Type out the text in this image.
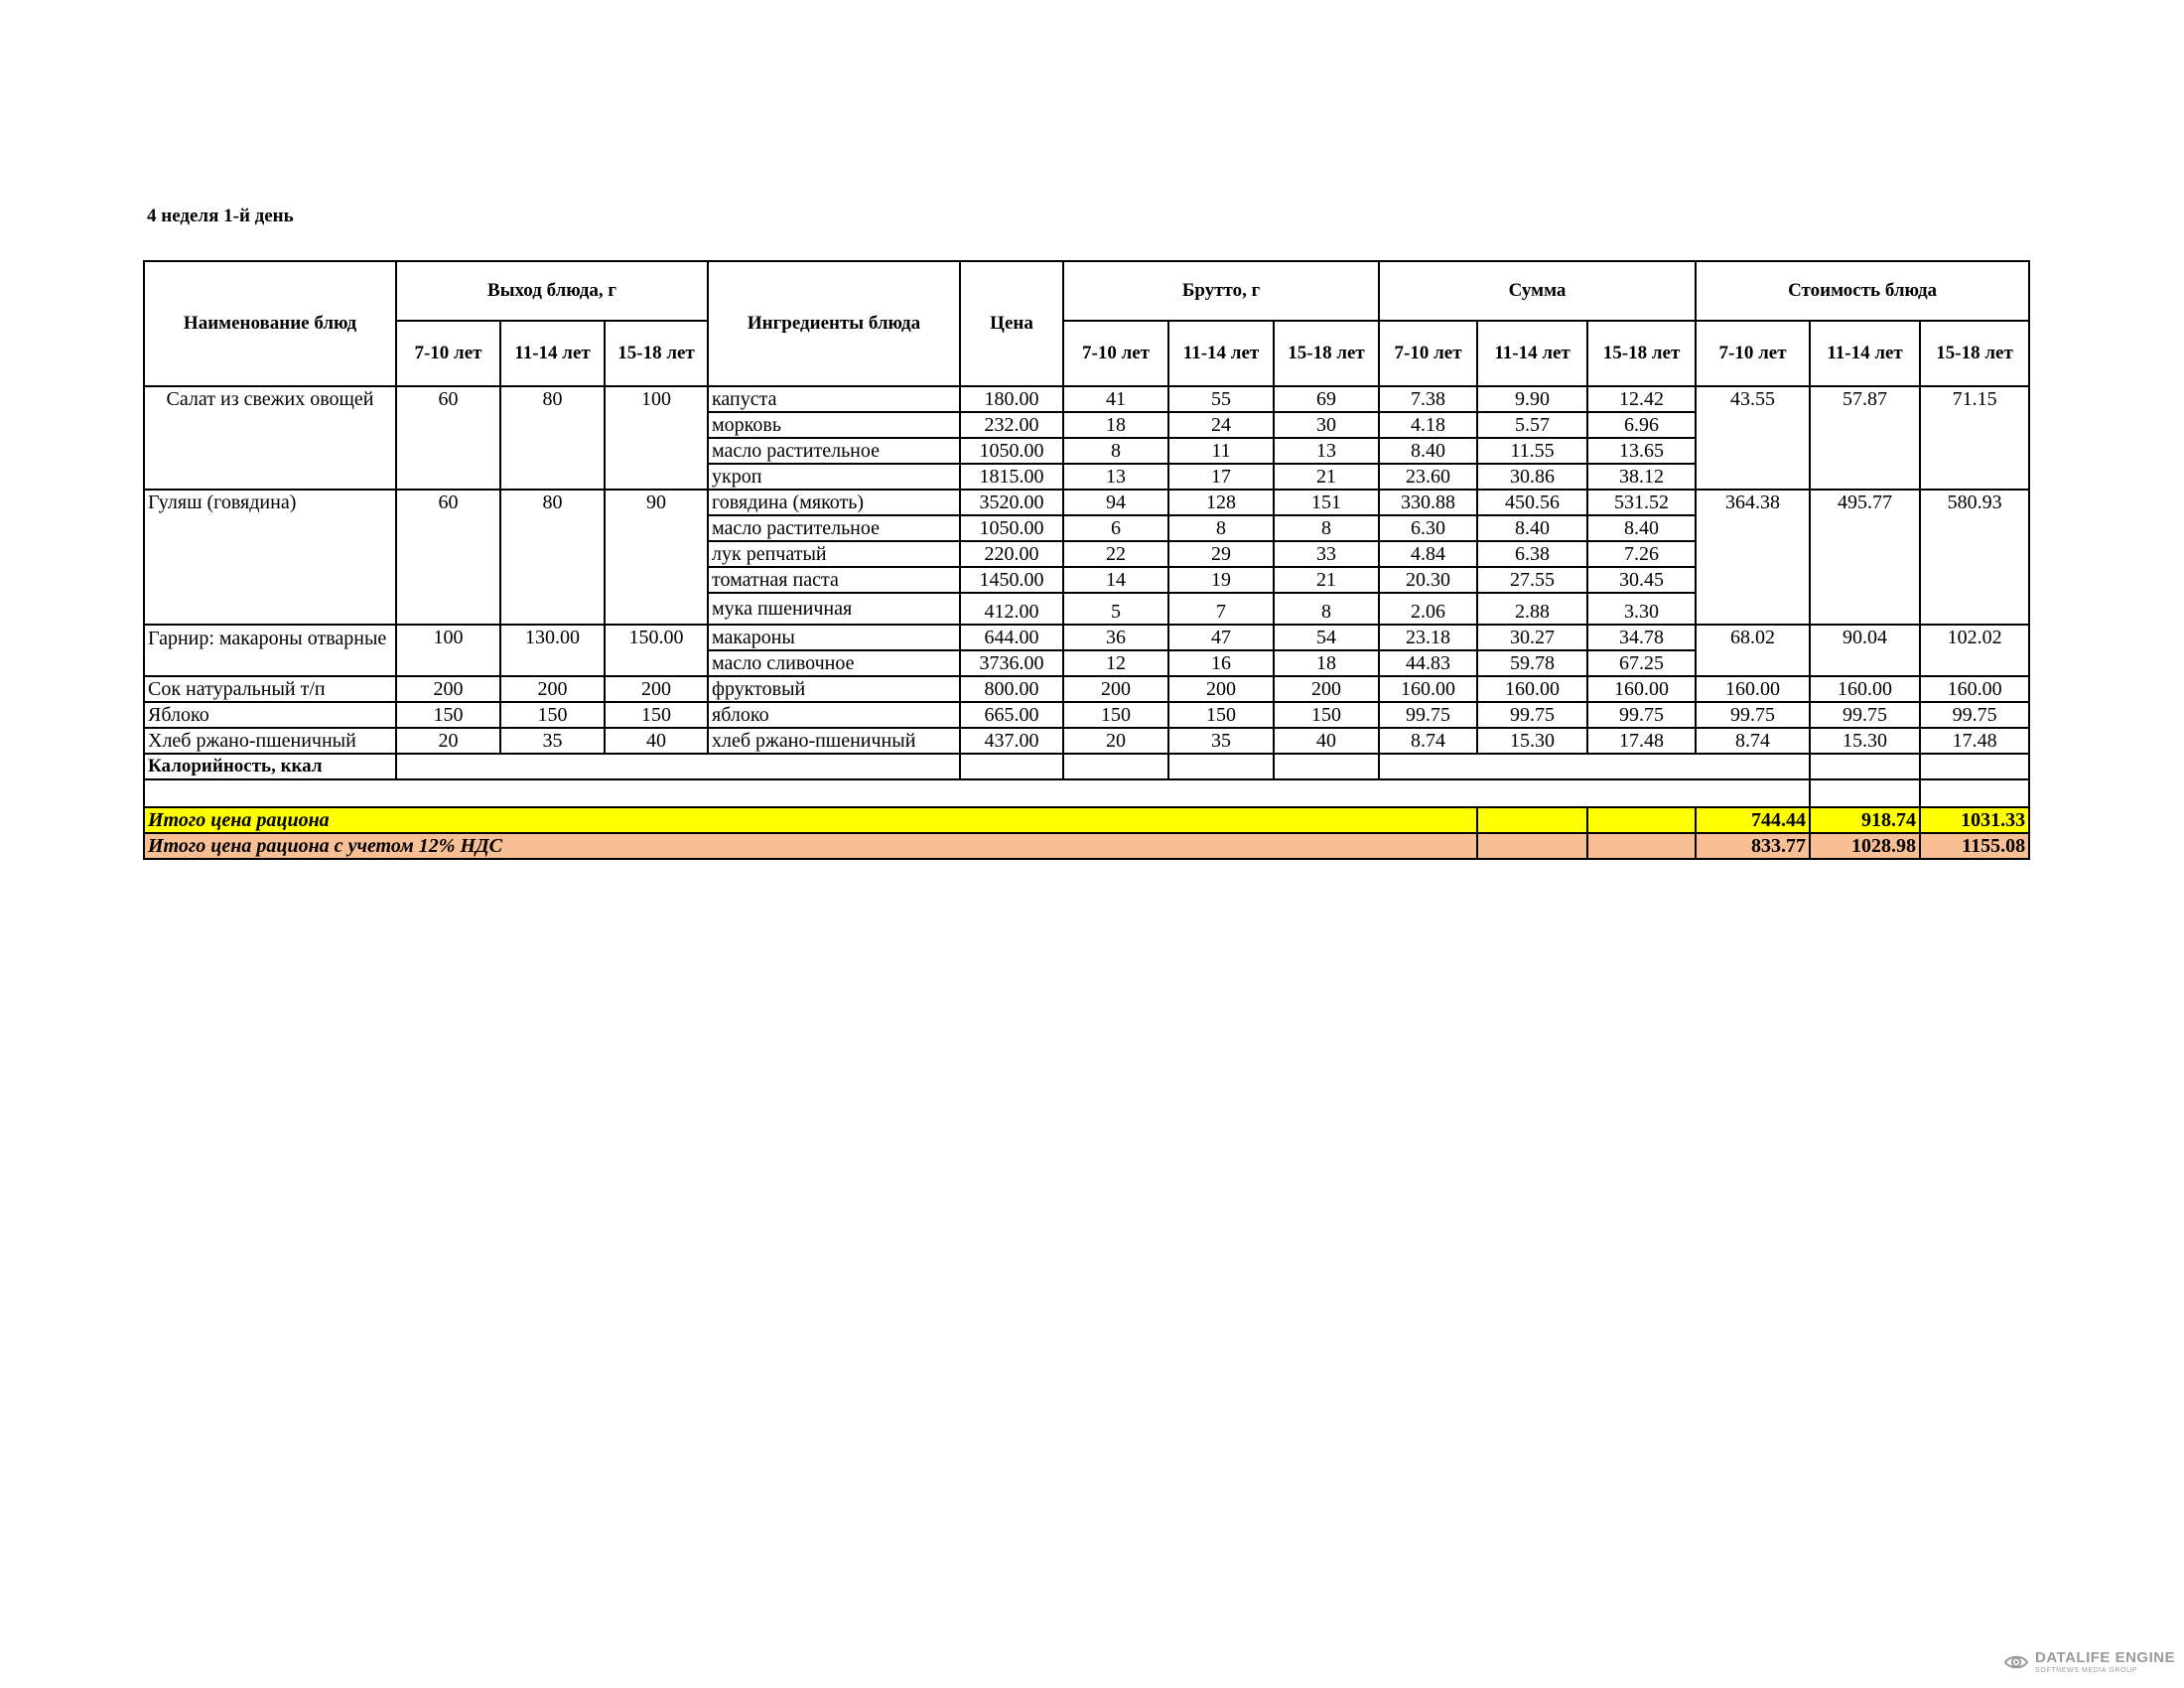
4 неделя 1-й день
Наименование блюд	Выход блюда, г			Ингредиенты блюда	Цена	Брутто, г			Сумма			Стоимость блюда		
	7-10 лет	11-14 лет	15-18 лет			7-10 лет	11-14 лет	15-18 лет	7-10 лет	11-14 лет	15-18 лет	7-10 лет	11-14 лет	15-18 лет
Салат из свежих овощей	60	80	100	капуста	180.00	41	55	69	7.38	9.90	12.42	43.55	57.87	71.15
				морковь	232.00	18	24	30	4.18	5.57	6.96			
				масло растительное	1050.00	8	11	13	8.40	11.55	13.65			
				укроп	1815.00	13	17	21	23.60	30.86	38.12			
Гуляш (говядина)	60	80	90	говядина (мякоть)	3520.00	94	128	151	330.88	450.56	531.52	364.38	495.77	580.93
				масло растительное	1050.00	6	8	8	6.30	8.40	8.40			
				лук репчатый	220.00	22	29	33	4.84	6.38	7.26			
				томатная паста	1450.00	14	19	21	20.30	27.55	30.45			
				мука пшеничная	412.00	5	7	8	2.06	2.88	3.30			
Гарнир: макароны отварные	100	130.00	150.00	макароны	644.00	36	47	54	23.18	30.27	34.78	68.02	90.04	102.02
				масло сливочное	3736.00	12	16	18	44.83	59.78	67.25			
Сок натуральный т/п	200	200	200	фруктовый	800.00	200	200	200	160.00	160.00	160.00	160.00	160.00	160.00
Яблоко	150	150	150	яблоко	665.00	150	150	150	99.75	99.75	99.75	99.75	99.75	99.75
Хлеб ржано-пшеничный	20	35	40	хлеб ржано-пшеничный	437.00	20	35	40	8.74	15.30	17.48	8.74	15.30	17.48
Калорийность, ккал														

Итого цена рациона												744.44	918.74	1031.33
Итого цена рациона с учетом 12% НДС												833.77	1028.98	1155.08
DATALIFE ENGINE
SOFTNEWS MEDIA GROUP
